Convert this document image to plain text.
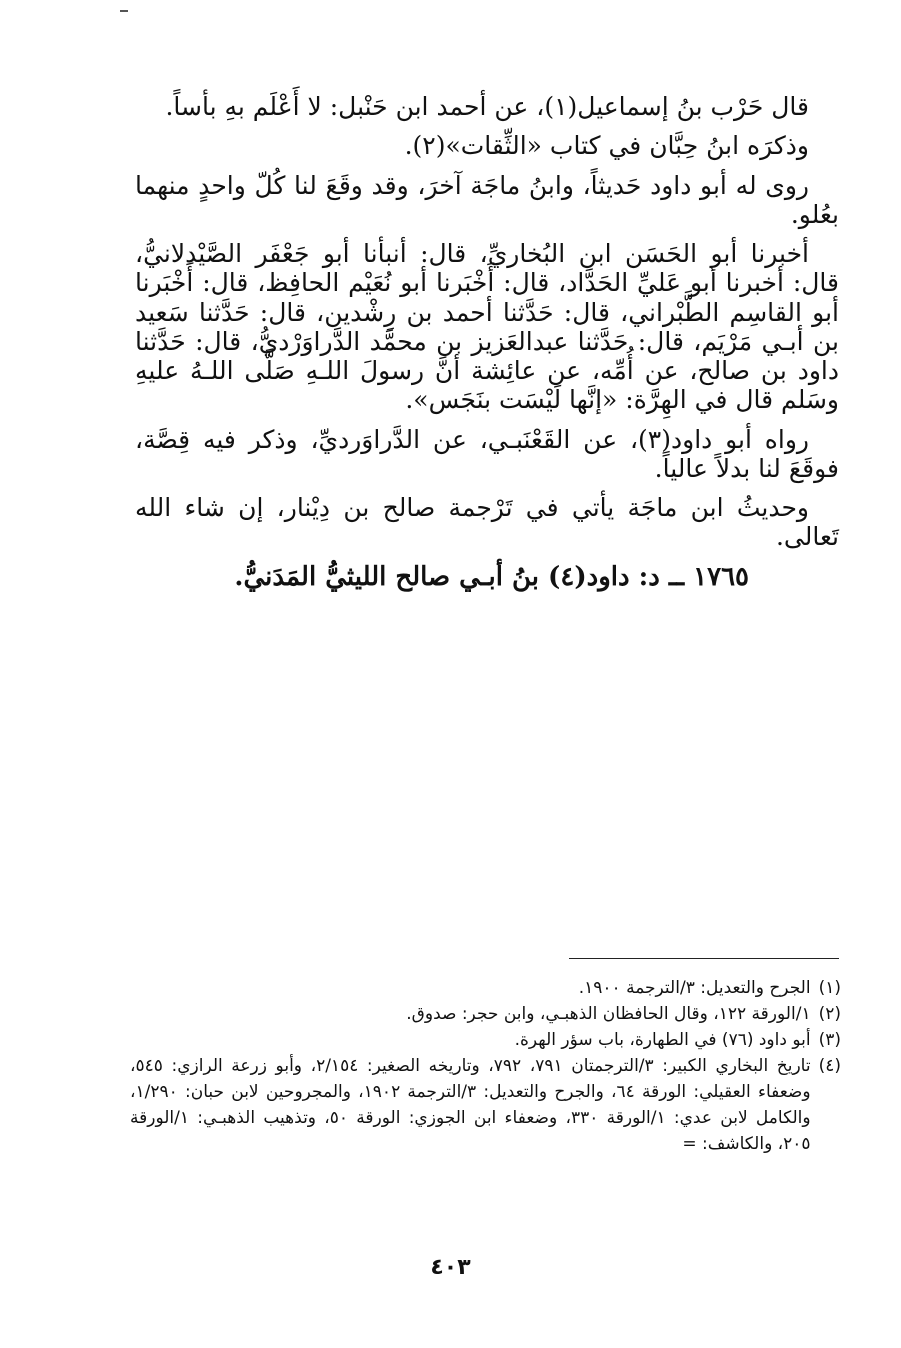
قال حَرْب بنُ إسماعيل(١)، عن أحمد ابن حَنْبل: لا أَعْلَم بهِ بأساً.

وذكرَه ابنُ حِبَّان في كتاب «الثِّقات»(٢).

روى له أبو داود حَديثاً، وابنُ ماجَة آخرَ، وقد وقَعَ لنا كُلّ واحدٍ منهما بعُلو.

أخبرنا أبو الحَسَن ابن البُخاريِّ، قال: أنبأنا أبو جَعْفَر الصَّيْدلانيُّ، قال: أخبرنا أبو عَليِّ الحَدَّاد، قال: أَخْبَرنا أبو نُعَيْم الحافِظ، قال: أَخْبَرنا أبو القاسِم الطَّبْراني، قال: حَدَّثنا أحمد بن رِشْدين، قال: حَدَّثنا سَعيد بن أبـي مَرْيَم، قال: حَدَّثنا عبدالعَزيز بن محمَّد الدَّراوَرْديُّ، قال: حَدَّثنا داود بن صالح، عن أُمِّه، عن عائِشة أنَّ رسولَ اللـهِ صَلَّى اللـهُ عليهِ وسَلم قال في الهِرَّة: «إنَّها لَيْسَت بنَجَس».

رواه أبو داود(٣)، عن القَعْنَبـي، عن الدَّراوَرديِّ، وذكر فيه قِصَّة، فوقَعَ لنا بدلاً عالياً.

وحديثُ ابن ماجَة يأتي في تَرْجمة صالح بن دِيْنار، إن شاء الله تَعالى.

١٧٦٥ ــ د: داود(٤) بنُ أبـي صالح الليثيُّ المَدَنيُّ.

(١)
الجرح والتعديل: ٣/الترجمة ١٩٠٠.
(٢)
١/الورقة ١٢٢، وقال الحافظان الذهبـي، وابن حجر: صدوق.
(٣)
أبو داود (٧٦) في الطهارة، باب سؤر الهرة.
(٤)
تاريخ البخاري الكبير: ٣/الترجمتان ٧٩١، ٧٩٢، وتاريخه الصغير: ٢/١٥٤، وأبو زرعة الرازي: ٥٤٥، وضعفاء العقيلي: الورقة ٦٤، والجرح والتعديل: ٣/الترجمة ١٩٠٢، والمجروحين لابن حبان: ١/٢٩٠، والكامل لابن عدي: ١/الورقة ٣٣٠، وضعفاء ابن الجوزي: الورقة ٥٠، وتذهيب الذهبـي: ١/الورقة ٢٠٥، والكاشف: =
٤٠٣
